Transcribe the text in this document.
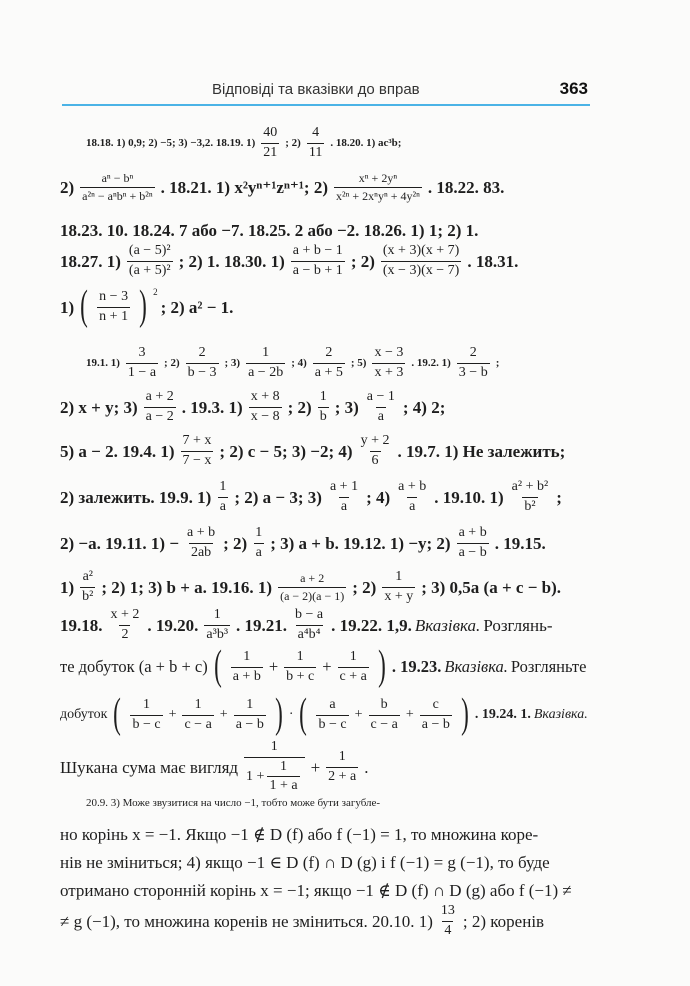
Відповіді та вказівки до вправ	363
18.18. 1) 0,9; 2) −5; 3) −3,2. 18.19. $1) \frac{40}{21}$ ; $2) \frac{4}{11}$ . 18.20. 1) ac³b;
2) aⁿ − bⁿ
a²ⁿ − aⁿbⁿ + b²ⁿ . 18.21. 1) x²yⁿ⁺¹zⁿ⁺¹; 2)	xⁿ + 2yⁿ
x²ⁿ + 2xⁿyⁿ + 4y²ⁿ . 18.22. 83.
18.23. 10. 18.24. 7 або −7. 18.25. 2 або −2. 18.26. 1) 1; 2) 1.
18.27. $1) \frac{\text{(a − 5)²}}{\text{(a + 5)²}}$ ; 2) 1. 18.30. $1) \frac{a + b - 1}{a - b + 1}$ ; $2) \frac{(x + 3)(x + 7)}{(x - 3)(x - 7)}$ . 18.31.
1) ( $\frac{n - 3}{n + 1}$ ) $^2$
; 2) a² − 1.
19.1. $1) \frac{3}{1 - a}$ ; $2) \frac{2}{b - 3}$ ; $3) \frac{1}{a - 2b}$ ; $4) \frac{2}{a + 5}$ ; $5) \frac{x - 3}{x + 3}$ . 19.2. $1) \frac{2}{3 - b}$ ;
2) x + y; $3) \frac{a + 2}{a - 2}$ . 19.3. $1) \frac{x + 8}{x - 8}$ ; $2) \frac{1}{b}$ ; $3) \frac{a - 1}{a}$ ; 4) 2;
5) a − 2. 19.4. $1) \frac{7 + x}{7 - x}$ ; 2) c − 5; 3) −2; $4) \frac{y + 2}{6}$ . 19.7. 1) Не залежить;
2) залежить. 19.9. $1) \frac{1}{a}$ ; 2) a − 3; $3) \frac{a + 1}{a}$ ; $4) \frac{a + b}{a}$ . 19.10. $1) \frac{\text{a² + b²}}{\text{b²}}$ ;
2) −a. 19.11. $1) - \frac{a + b}{2ab}$ ; $2) \frac{1}{a}$ ; 3) a + b. 19.12. 1) −y; $2) \frac{a + b}{a - b}$ . 19.15.
$1) \frac{\text{a²}}{\text{b²}}$ ; 2) 1; 3) b + a. 19.16. $1) \frac{a + 2}{(a - 2)(a - 1)}$ ; $2) \frac{1}{x + y}$ ; 3) 0,5a (a + c − b).
19.18. $\frac{x + 2}{2}$ . 19.20. $\frac{1}{\text{a³b³}}$ . 19.21. $\frac{b - a}{\text{a⁴b⁴}}$ . 19.22. 1,9. Вказівка. Розглянь-
те добуток (a + b + c) ( $\frac{1}{a + b} + \frac{1}{b + c} + \frac{1}{c + a}$ ) . 19.23. Вказівка. Розгляньте
добуток ( $\frac{1}{b - c} + \frac{1}{c - a} + \frac{1}{a - b}$ ) · ( $\frac{a}{b - c} + \frac{b}{c - a} + \frac{c}{a - b}$ ) . 19.24. 1. Вказівка.
Шукана сума має вигляд $\frac{1}{1 + \frac{1}{1 + a}} + \frac{1}{2 + a}$ .
20.9. 3) Може звузитися на число −1, тобто може бути загубле-
но корінь x = −1. Якщо −1 ∉ D (f) або f (−1) = 1, то множина коре-
нів не зміниться; 4) якщо −1 ∈ D (f) ∩ D (g) і f (−1) = g (−1), то буде
отримано сторонній корінь x = −1; якщо −1 ∉ D (f) ∩ D (g) або f (−1) ≠
≠ g (−1), то множина коренів не зміниться. 20.10. $1) \frac{13}{4}$ ; 2) коренів
